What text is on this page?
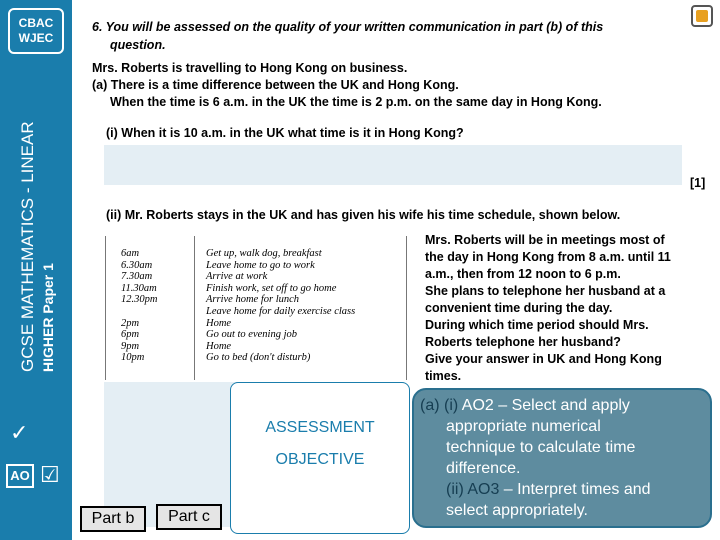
CBAC
WJEC
GCSE MATHEMATICS - LINEAR HIGHER Paper 1
✓
AO ☑
6. You will be assessed on the quality of your written communication in part (b) of this
question.
Mrs. Roberts is travelling to Hong Kong on business.
(a) There is a time difference between the UK and Hong Kong.
When the time is 6 a.m. in the UK the time is 2 p.m. on the same day in Hong Kong.
(i) When it is 10 a.m. in the UK what time is it in Hong Kong?
[1]
(ii) Mr. Roberts stays in the UK and has given his wife his time schedule, shown below.
6am
6.30am
7.30am
11.30am
12.30pm

2pm
6pm
9pm
10pm
Get up, walk dog, breakfast
Leave home to go to work
Arrive at work
Finish work, set off to go home
Arrive home for lunch
Leave home for daily exercise class
Home
Go out to evening job
Home
Go to bed (don't disturb)
Mrs. Roberts will be in meetings most of
the day in Hong Kong from 8 a.m. until 11
a.m., then from 12 noon to 6 p.m.
She plans to telephone her husband at a
convenient time during the day.
During which time period should Mrs.
Roberts telephone her husband?
Give your answer in UK and Hong Kong
times.
ASSESSMENT
OBJECTIVE
Part b	Part c
(a) (i) AO2 – Select and apply
appropriate numerical
technique to calculate time
difference.
(ii) AO3 – Interpret times and
select appropriately.
